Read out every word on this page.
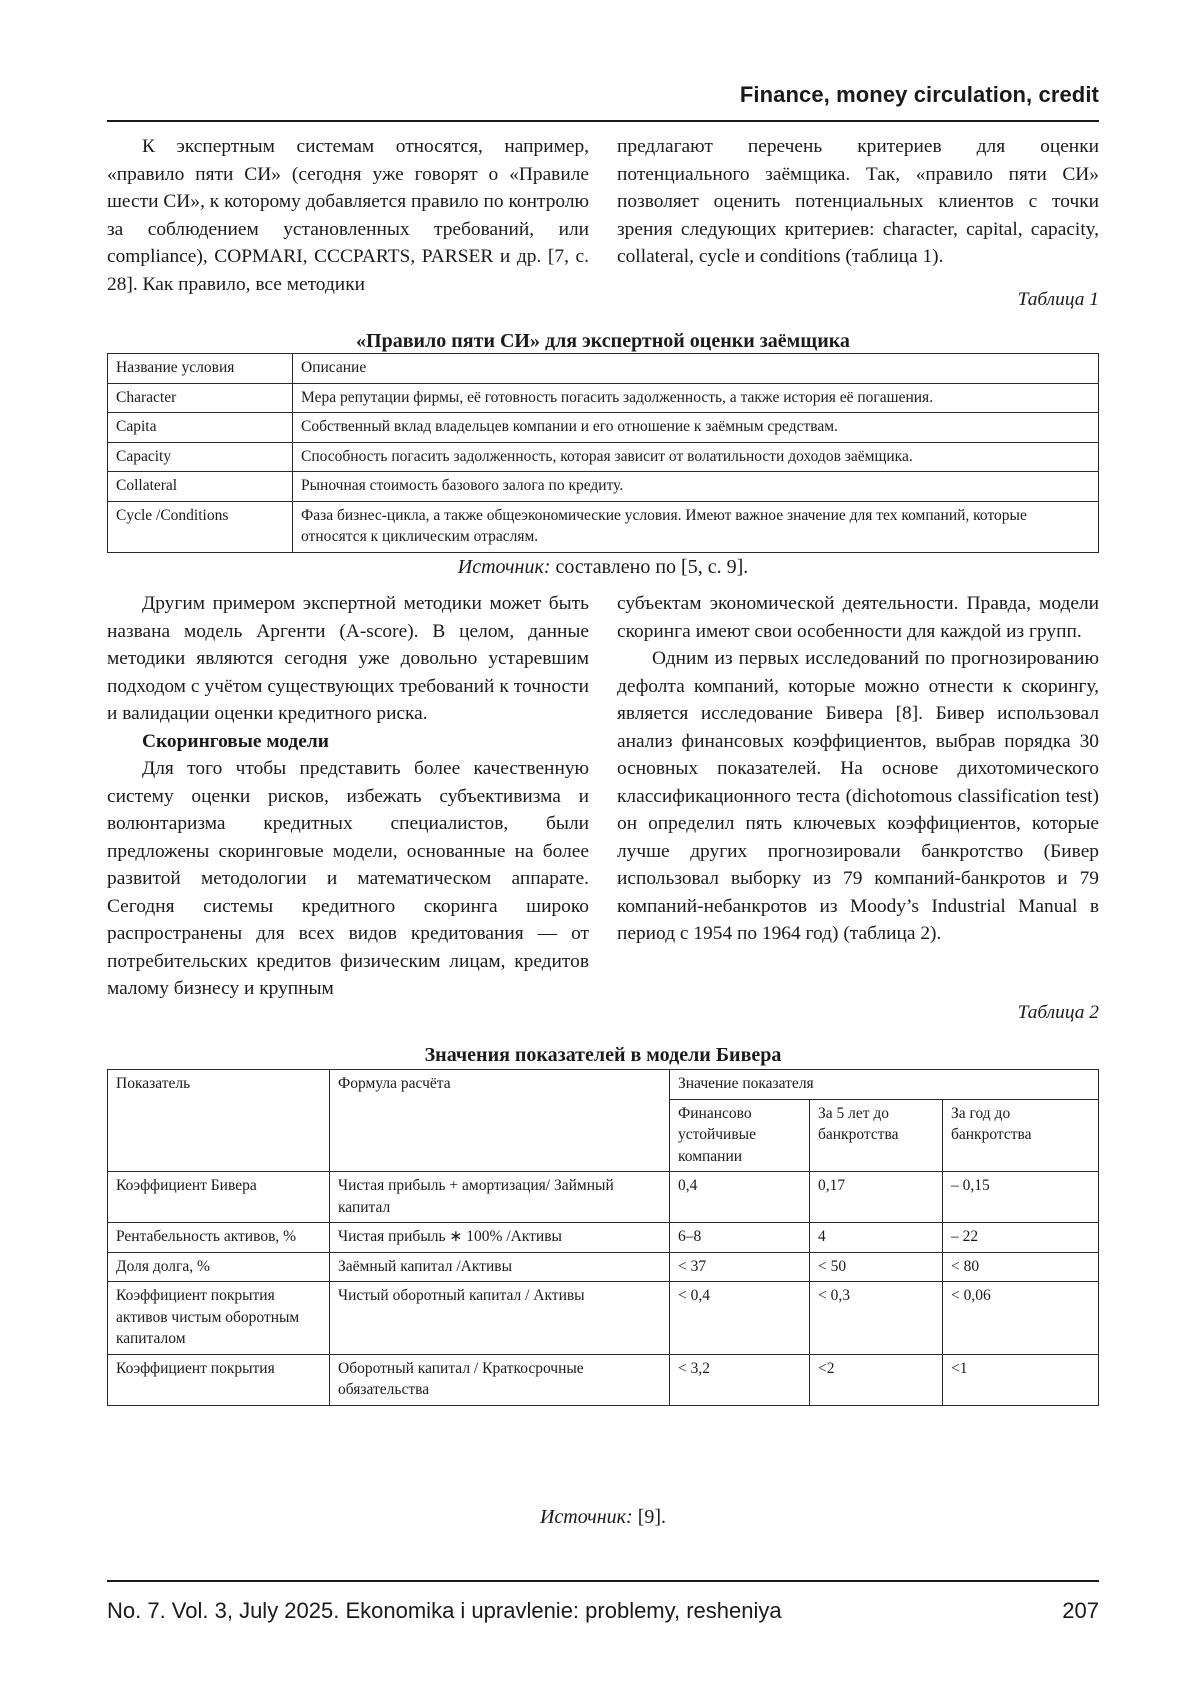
Finance, money circulation, credit

К экспертным системам относятся, например, «правило пяти СИ» (сегодня уже говорят о «Правиле шести СИ», к которому добавляется правило по контролю за соблюдением установленных требований, или compliance), COPMARI, CCCPARTS, PARSER и др. [7, с. 28]. Как правило, все методики

предлагают перечень критериев для оценки потенциального заёмщика. Так, «правило пяти СИ» позволяет оценить потенциальных клиентов с точки зрения следующих критериев: character, capital, capacity, collateral, cycle и conditions (таблица 1).

Таблица 1
«Правило пяти СИ» для экспертной оценки заёмщика
Название условия	Описание
Character	Мера репутации фирмы, её готовность погасить задолженность, а также история её погашения.
Capita	Собственный вклад владельцев компании и его отношение к заёмным средствам.
Capacity	Способность погасить задолженность, которая зависит от волатильности доходов заёмщика.
Collateral	Рыночная стоимость базового залога по кредиту.
Cycle /Conditions	Фаза бизнес-цикла, а также общеэкономические условия. Имеют важное значение для тех компаний, которые относятся к циклическим отраслям.
Источник: составлено по [5, с. 9].

Другим примером экспертной методики может быть названа модель Аргенти (A-score). В целом, данные методики являются сегодня уже довольно устаревшим подходом с учётом существующих требований к точности и валидации оценки кредитного риска.

Скоринговые модели

Для того чтобы представить более качественную систему оценки рисков, избежать субъективизма и волюнтаризма кредитных специалистов, были предложены скоринговые модели, основанные на более развитой методологии и математическом аппарате. Сегодня системы кредитного скоринга широко распространены для всех видов кредитования — от потребительских кредитов физическим лицам, кредитов малому бизнесу и крупным

субъектам экономической деятельности. Правда, модели скоринга имеют свои особенности для каждой из групп.

Одним из первых исследований по прогнозированию дефолта компаний, которые можно отнести к скорингу, является исследование Бивера [8]. Бивер использовал анализ финансовых коэффициентов, выбрав порядка 30 основных показателей. На основе дихотомического классификационного теста (dichotomous classification test) он определил пять ключевых коэффициентов, которые лучше других прогнозировали банкротство (Бивер использовал выборку из 79 компаний-банкротов и 79 компаний-небанкротов из Moody’s Industrial Manual в период с 1954 по 1964 год) (таблица 2).

Таблица 2
Значения показателей в модели Бивера
Показатель	Формула расчёта	Значение показателя		
		Финансово устойчивые компании	За 5 лет до банкротства	За год до банкротства
Коэффициент Бивера	Чистая прибыль + амортизация/ Займный капитал	0,4	0,17	– 0,15
Рентабельность активов, %	Чистая прибыль ∗ 100% /Активы	6–8	4	– 22
Доля долга, %	Заёмный капитал /Активы	< 37	< 50	< 80
Коэффициент покрытия активов чистым оборотным капиталом	Чистый оборотный капитал / Активы	< 0,4	< 0,3	< 0,06
Коэффициент покрытия	Оборотный капитал / Краткосрочные обязательства	< 3,2	<2	<1
Источник: [9].
No. 7. Vol. 3, July 2025. Ekonomika i upravlenie: problemy, resheniya	207
